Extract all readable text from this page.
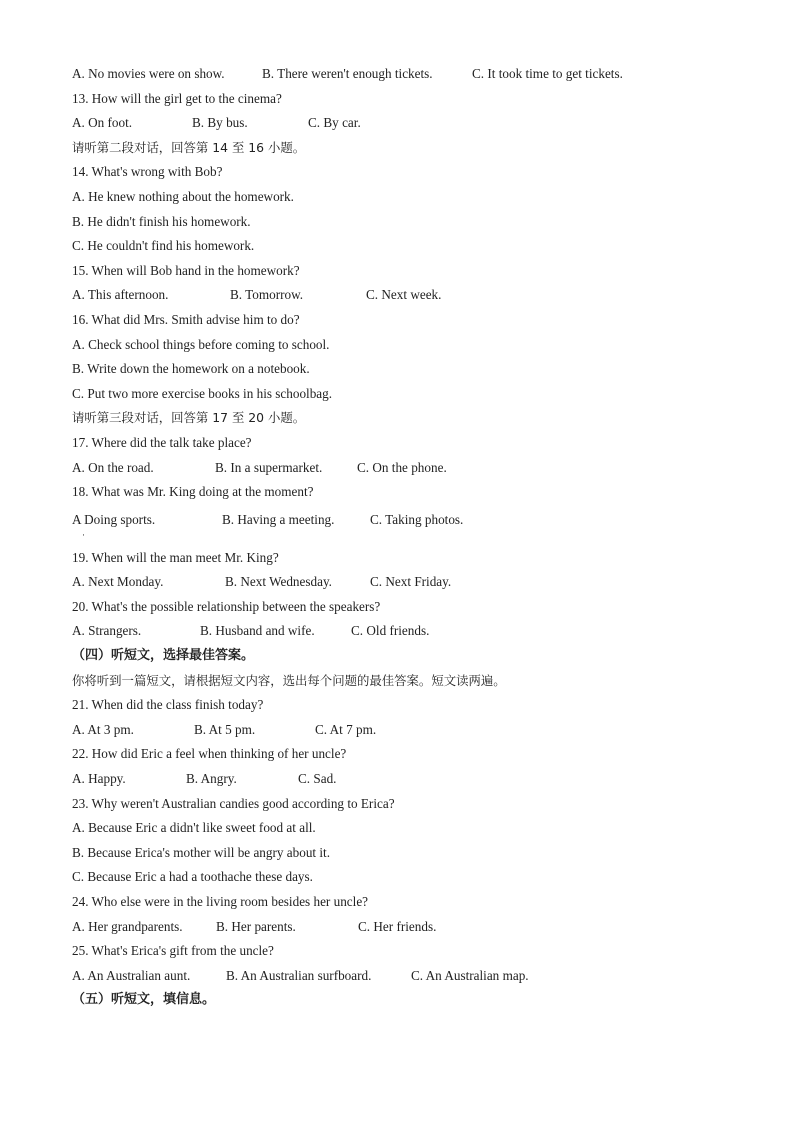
A. No movies were on show.	B. There weren't enough tickets.	C. It took time to get tickets.
13. How will the girl get to the cinema?
A. On foot.	B. By bus.	C. By car.
请听第二段对话，回答第 14 至 16 小题。
14. What's wrong with Bob?
A. He knew nothing about the homework.
B. He didn't finish his homework.
C. He couldn't find his homework.
15. When will Bob hand in the homework?
A. This afternoon.	B. Tomorrow.	C. Next week.
16. What did Mrs. Smith advise him to do?
A. Check school things before coming to school.
B. Write down the homework on a notebook.
C. Put two more exercise books in his schoolbag.
请听第三段对话，回答第 17 至 20 小题。
17. Where did the talk take place?
A. On the road.	B. In a supermarket.	C. On the phone.
18. What was Mr. King doing at the moment?
A Doing sports.
·
B. Having a meeting.	C. Taking photos.
19. When will the man meet Mr. King?
A. Next Monday.	B. Next Wednesday.	C. Next Friday.
20. What's the possible relationship between the speakers?
A. Strangers.	B. Husband and wife.	C. Old friends.
（四）听短文，选择最佳答案。
你将听到一篇短文，请根据短文内容，选出每个问题的最佳答案。短文读两遍。
21. When did the class finish today?
A. At 3 pm.	B. At 5 pm.	C. At 7 pm.
22. How did Eric a feel when thinking of her uncle?
A. Happy.	B. Angry.	C. Sad.
23. Why weren't Australian candies good according to Erica?
A. Because Eric a didn't like sweet food at all.
B. Because Erica's mother will be angry about it.
C. Because Eric a had a toothache these days.
24. Who else were in the living room besides her uncle?
A. Her grandparents.	B. Her parents.	C. Her friends.
25. What's Erica's gift from the uncle?
A. An Australian aunt.	B. An Australian surfboard.	C. An Australian map.
（五）听短文，填信息。
